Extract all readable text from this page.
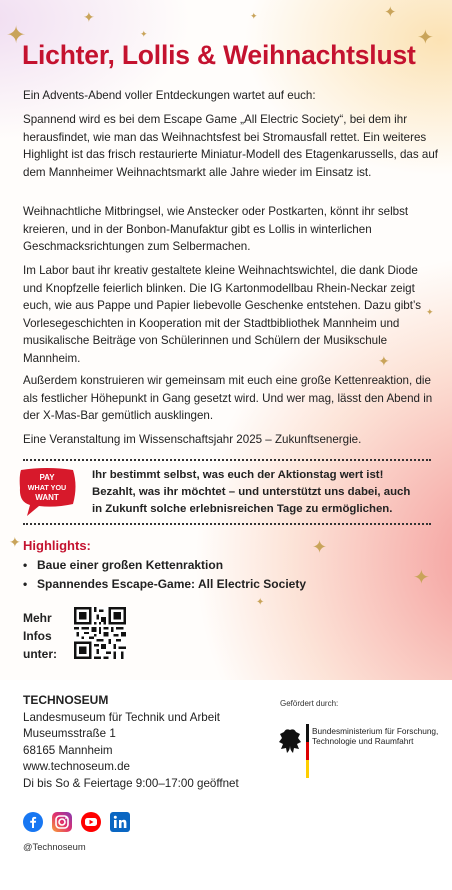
✦
✦
✦
✦	✦
✦
✦
✦
✦	✦
✦
✦
Lichter, Lollis & Weihnachtslust

Ein Advents-Abend voller Entdeckungen wartet auf euch:

Spannend wird es bei dem Escape Game „All Electric Society“, bei dem ihr herausfindet, wie man das Weihnachtsfest bei Stromausfall rettet. Ein weiteres Highlight ist das frisch restaurierte Miniatur-Modell des Etagenkarussells, das auf dem Mannheimer Weihnachtsmarkt alle Jahre wieder im Einsatz ist.

Weihnachtliche Mitbringsel, wie Anstecker oder Postkarten, könnt ihr selbst kreieren, und in der Bonbon-Manufaktur gibt es Lollis in winterlichen Geschmacksrichtungen zum Selbermachen.

Im Labor baut ihr kreativ gestaltete kleine Weihnachtswichtel, die dank Diode und Knopfzelle feierlich blinken. Die IG Kartonmodellbau Rhein-Neckar zeigt euch, wie aus Pappe und Papier liebevolle Geschenke entstehen. Dazu gibt’s Vorlesegeschichten in Kooperation mit der Stadtbibliothek Mannheim und musikalische Beiträge von Schülerinnen und Schülern der Musikschule Mannheim.

Außerdem konstruieren wir gemeinsam mit euch eine große Kettenreaktion, die als festlicher Höhepunkt in Gang gesetzt wird. Und wer mag, lässt den Abend in der X-Mas-Bar gemütlich ausklingen.

Eine Veranstaltung im Wissenschaftsjahr 2025 – Zukunftsenergie.

PAY
WHAT YOU
WANT

Ihr bestimmt selbst, was euch der Aktionstag wert ist! Bezahlt, was ihr möchtet – und unterstützt uns dabei, auch in Zukunft solche erlebnisreichen Tage zu ermöglichen.

Highlights:

• Baue einer großen Kettenraktion
• Spannendes Escape-Game: All Electric Society

Mehr
Infos
unter:

TECHNOSEUM

Landesmuseum für Technik und Arbeit
Museumsstraße 1
68165 Mannheim
www.technoseum.de
Di bis So & Feiertage 9:00–17:00 geöffnet

Gefördert durch:

Bundesministerium für Forschung, Technologie und Raumfahrt

@Technoseum
